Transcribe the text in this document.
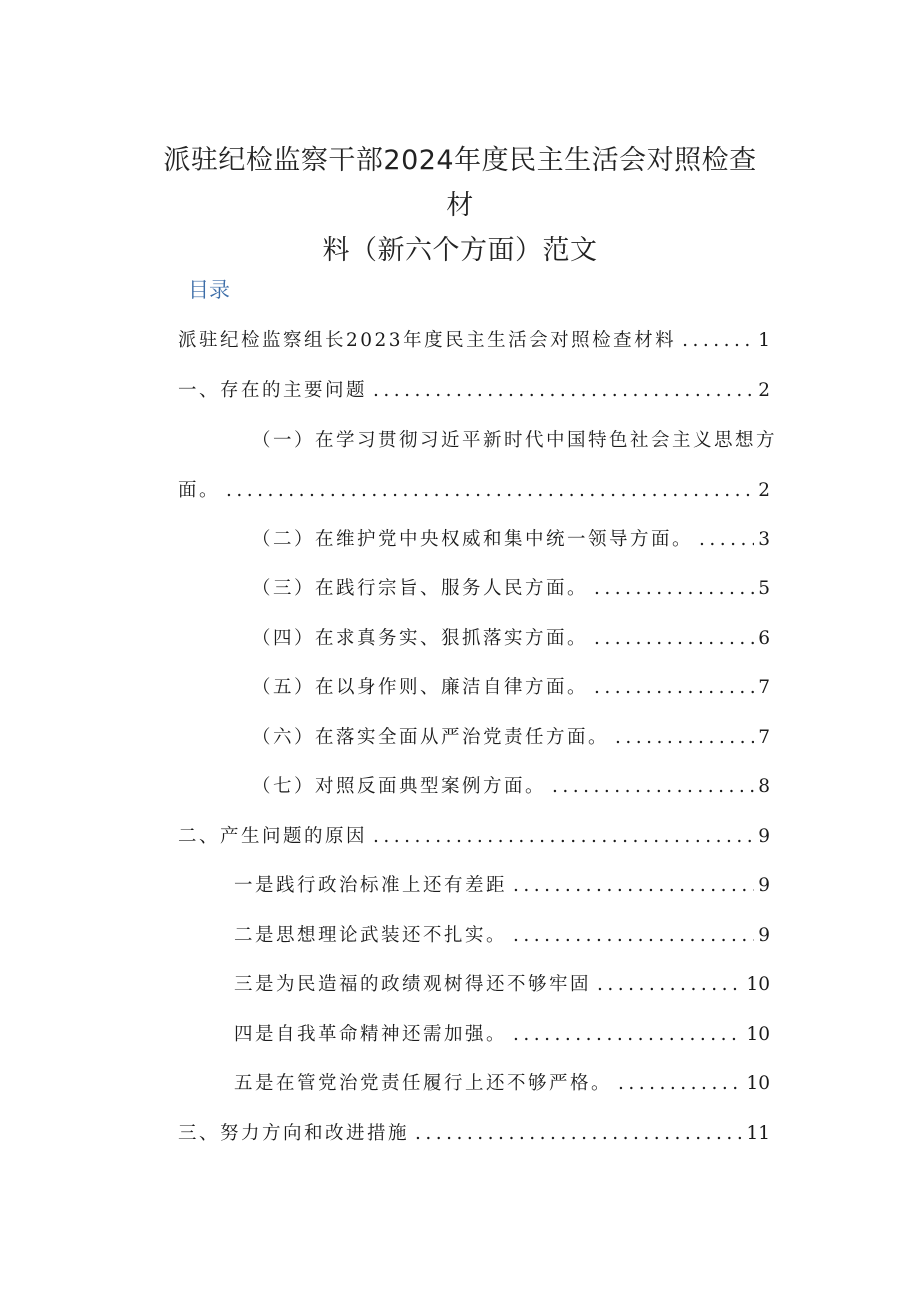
派驻纪检监察干部2024年度民主生活会对照检查材
料（新六个方面）范文
目录
派驻纪检监察组长2023年度民主生活会对照检查材料 .....	1
一、存在的主要问题 .....	2
（一）在学习贯彻习近平新时代中国特色社会主义思想方
面。 .....	2
（二）在维护党中央权威和集中统一领导方面。 .....	3
（三）在践行宗旨、服务人民方面。 .....	5
（四）在求真务实、狠抓落实方面。 .....	6
（五）在以身作则、廉洁自律方面。 .....	7
（六）在落实全面从严治党责任方面。 .....	7
（七）对照反面典型案例方面。 .....	8
二、产生问题的原因 .....	9
一是践行政治标准上还有差距 .....	9
二是思想理论武装还不扎实。 .....	9
三是为民造福的政绩观树得还不够牢固 .....	10
四是自我革命精神还需加强。 .....	10
五是在管党治党责任履行上还不够严格。 .....	10
三、努力方向和改进措施 .....	11
